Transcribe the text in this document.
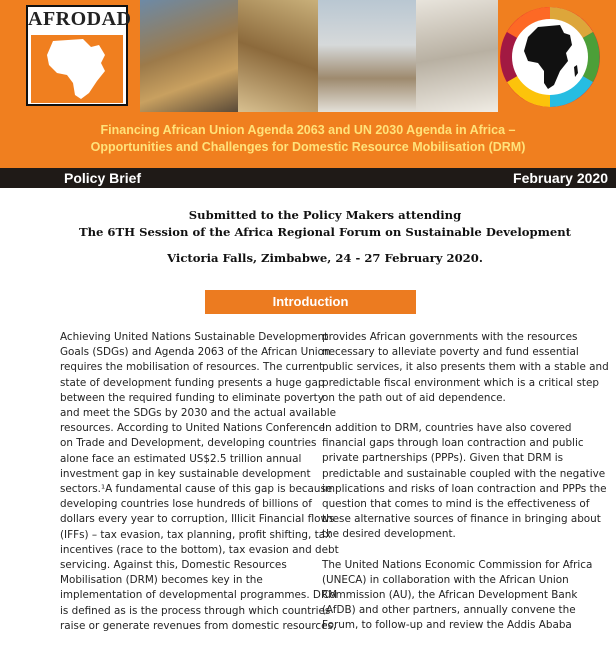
AFRODAD
Financing African Union Agenda 2063 and UN 2030 Agenda in Africa –
Opportunities and Challenges for Domestic Resource Mobilisation (DRM)
Policy Brief	February 2020
Submitted to the Policy Makers attending
The 6TH Session of the Africa Regional Forum on Sustainable Development
Victoria Falls, Zimbabwe, 24 - 27 February 2020.
Introduction
Achieving United Nations Sustainable Development
Goals (SDGs) and Agenda 2063 of the African Union
requires the mobilisation of resources. The current
state of development funding presents a huge gap
between the required funding to eliminate poverty
and meet the SDGs by 2030 and the actual available
resources. According to United Nations Conference
on Trade and Development, developing countries
alone face an estimated US$2.5 trillion annual
investment gap in key sustainable development
sectors.¹A fundamental cause of this gap is because
developing countries lose hundreds of billions of
dollars every year to corruption, Illicit Financial flows
(IFFs) – tax evasion, tax planning, profit shifting, tax
incentives (race to the bottom), tax evasion and debt
servicing. Against this, Domestic Resources
Mobilisation (DRM) becomes key in the
implementation of developmental programmes. DRM
is defined as is the process through which countries
raise or generate revenues from domestic resources,

provides African governments with the resources
necessary to alleviate poverty and fund essential
public services, it also presents them with a stable and
predictable fiscal environment which is a critical step
on the path out of aid dependence.

In addition to DRM, countries have also covered
financial gaps through loan contraction and public
private partnerships (PPPs). Given that DRM is
predictable and sustainable coupled with the negative
implications and risks of loan contraction and PPPs the
question that comes to mind is the effectiveness of
these alternative sources of finance in bringing about
the desired development.

The United Nations Economic Commission for Africa
(UNECA) in collaboration with the African Union
Commission (AU), the African Development Bank
(AfDB) and other partners, annually convene the
Forum, to follow-up and review the Addis Ababa
